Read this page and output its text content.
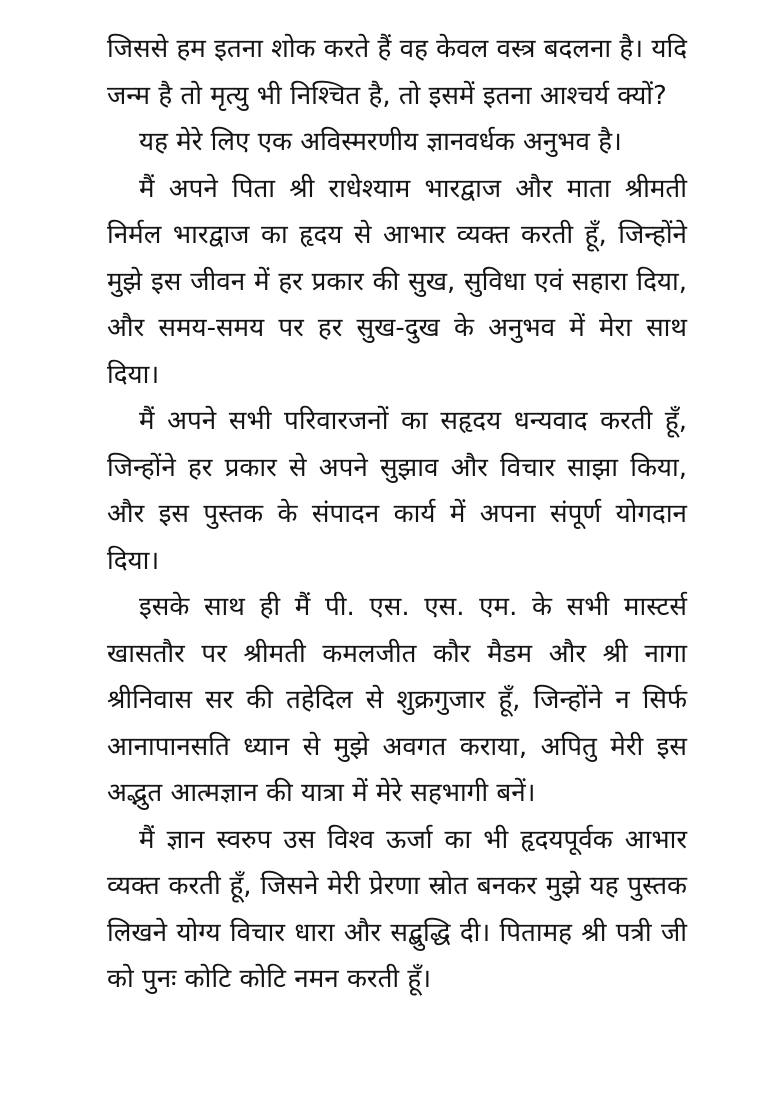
जिससे हम इतना शोक करते हैं वह केवल वस्त्र बदलना है। यदि जन्म है तो मृत्यु भी निश्चित है, तो इसमें इतना आश्चर्य क्यों?

यह मेरे लिए एक अविस्मरणीय ज्ञानवर्धक अनुभव है।

मैं अपने पिता श्री राधेश्याम भारद्वाज और माता श्रीमती निर्मल भारद्वाज का हृदय से आभार व्यक्त करती हूँ, जिन्होंने मुझे इस जीवन में हर प्रकार की सुख, सुविधा एवं सहारा दिया, और समय-समय पर हर सुख-दुख के अनुभव में मेरा साथ दिया।

मैं अपने सभी परिवारजनों का सहृदय धन्यवाद करती हूँ, जिन्होंने हर प्रकार से अपने सुझाव और विचार साझा किया, और इस पुस्तक के संपादन कार्य में अपना संपूर्ण योगदान दिया।

इसके साथ ही मैं पी. एस. एस. एम. के सभी मास्टर्स खासतौर पर श्रीमती कमलजीत कौर मैडम और श्री नागा श्रीनिवास सर की तहेदिल से शुक्रगुजार हूँ, जिन्होंने न सिर्फ आनापानसति ध्यान से मुझे अवगत कराया, अपितु मेरी इस अद्भुत आत्मज्ञान की यात्रा में मेरे सहभागी बनें।

मैं ज्ञान स्वरुप उस विश्व ऊर्जा का भी हृदयपूर्वक आभार व्यक्त करती हूँ, जिसने मेरी प्रेरणा स्रोत बनकर मुझे यह पुस्तक लिखने योग्य विचार धारा और सद्बुद्धि दी। पितामह श्री पत्री जी को पुनः कोटि कोटि नमन करती हूँ।
